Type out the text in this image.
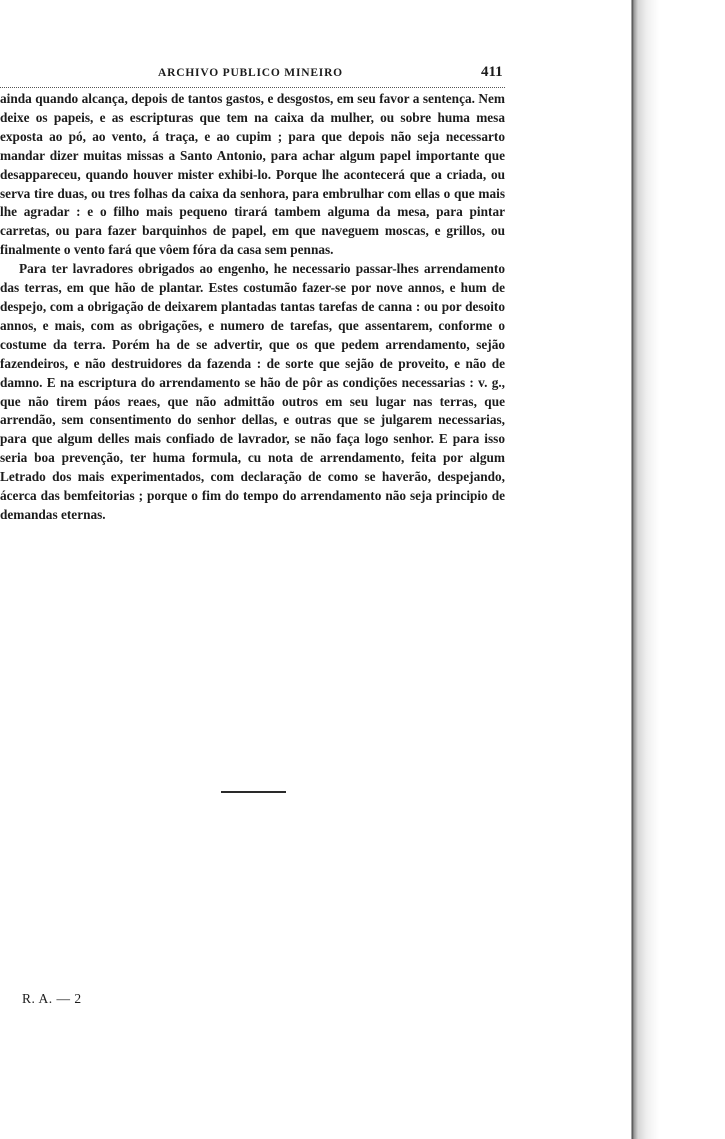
ARCHIVO PUBLICO MINEIRO	411

ainda quando alcança, depois de tantos gastos, e desgostos, em seu favor a sentença. Nem deixe os papeis, e as escripturas que tem na caixa da mulher, ou sobre huma mesa exposta ao pó, ao vento, á traça, e ao cupim ; para que depois não seja necessarto mandar dizer muitas missas a Santo Antonio, para achar algum papel importante que desappareceu, quando houver mister exhibi-lo. Porque lhe acontecerá que a criada, ou serva tire duas, ou tres folhas da caixa da senhora, para embrulhar com ellas o que mais lhe agradar : e o filho mais pequeno tirará tambem alguma da mesa, para pintar carretas, ou para fazer barquinhos de papel, em que naveguem moscas, e grillos, ou finalmente o vento fará que vôem fóra da casa sem pennas.

Para ter lavradores obrigados ao engenho, he necessario passar-lhes arrendamento das terras, em que hão de plantar. Estes costumão fazer-se por nove annos, e hum de despejo, com a obrigação de deixarem plantadas tantas tarefas de canna : ou por desoito annos, e mais, com as obrigações, e numero de tarefas, que assentarem, conforme o costume da terra. Porém ha de se advertir, que os que pedem arrendamento, sejão fazendeiros, e não destruidores da fazenda : de sorte que sejão de proveito, e não de damno. E na escriptura do arrendamento se hão de pôr as condições necessarias : v. g., que não tirem páos reaes, que não admittão outros em seu lugar nas terras, que arrendão, sem consentimento do senhor dellas, e outras que se julgarem necessarias, para que algum delles mais confiado de lavrador, se não faça logo senhor. E para isso seria boa prevenção, ter huma formula, cu nota de arrendamento, feita por algum Letrado dos mais experimentados, com declaração de como se haverão, despejando, ácerca das bemfeitorias ; porque o fim do tempo do arrendamento não seja principio de demandas eternas.

R. A. — 2
